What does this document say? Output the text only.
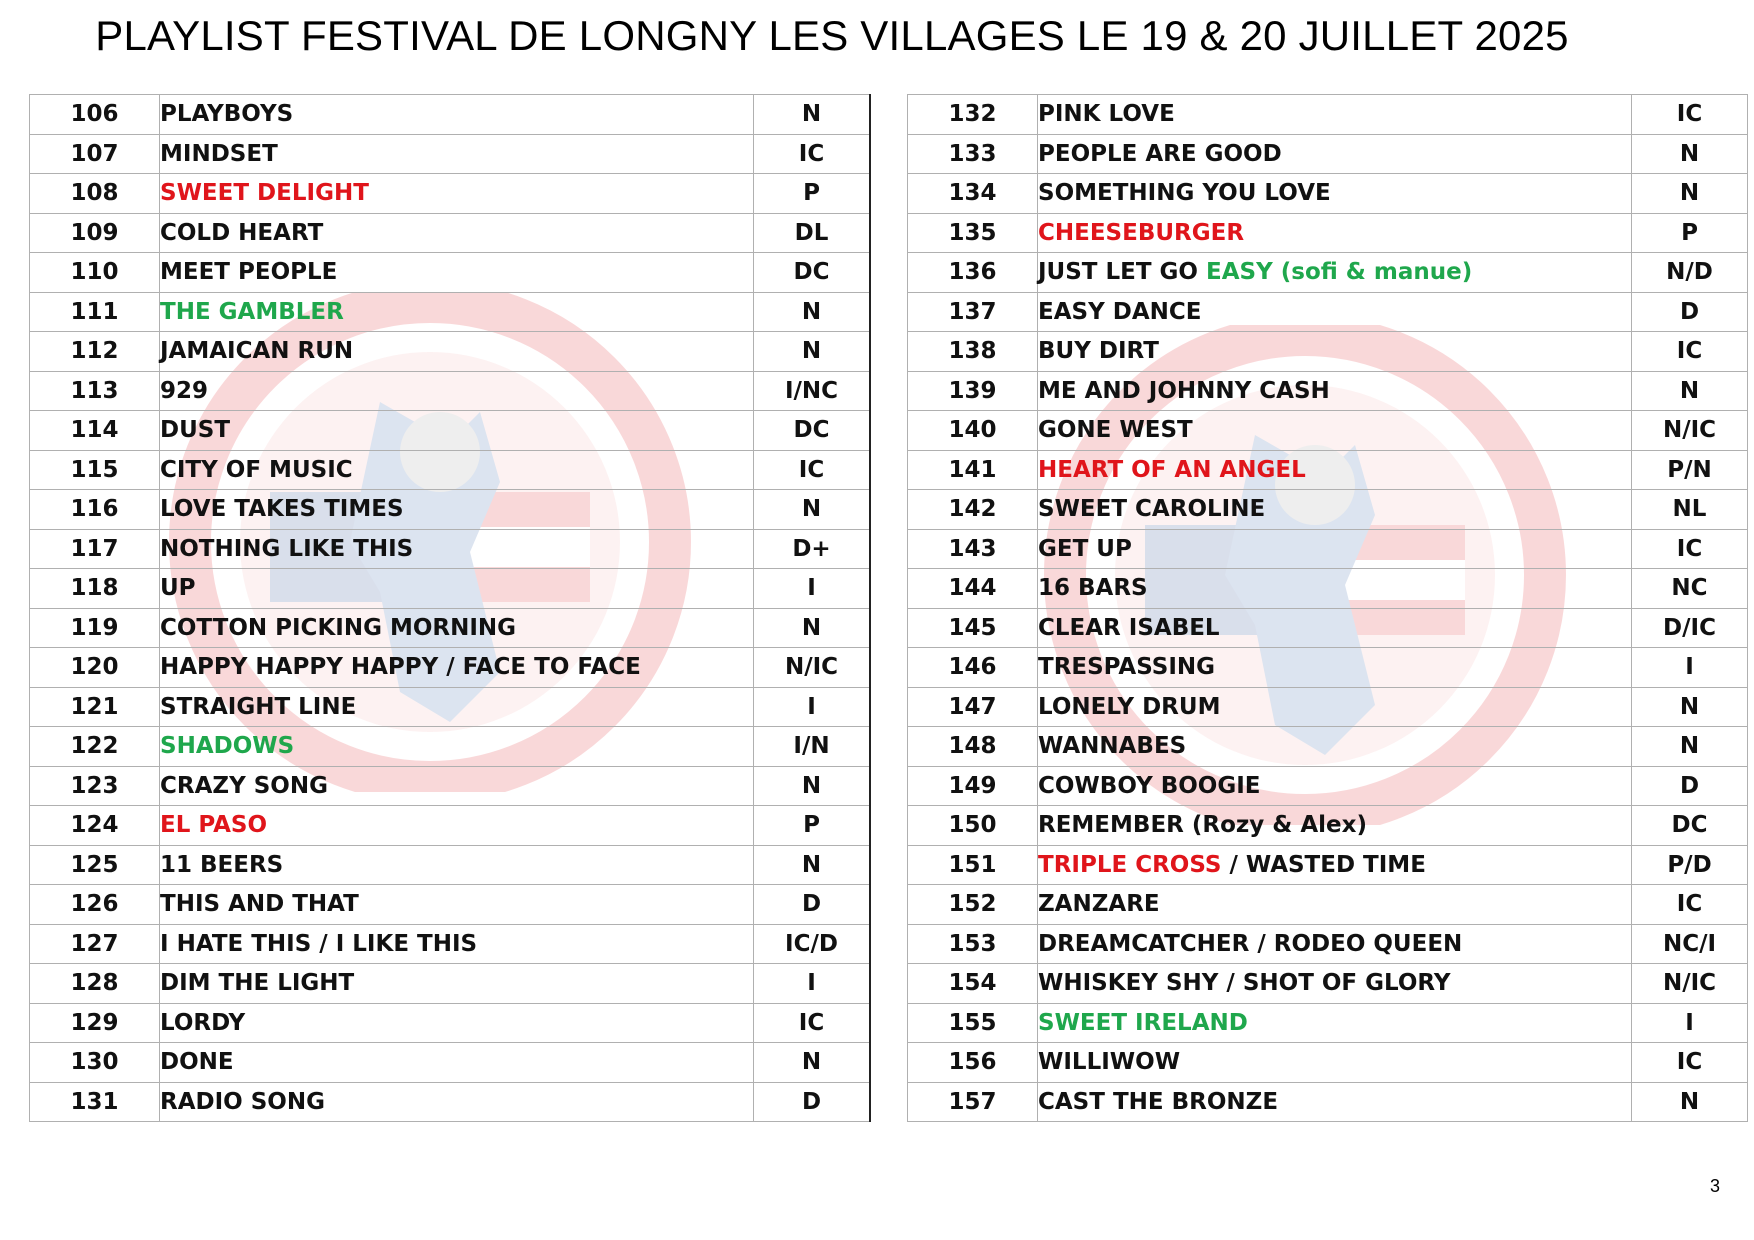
PLAYLIST FESTIVAL DE LONGNY LES VILLAGES LE 19 & 20 JUILLET 2025
106	PLAYBOYS	N
107	MINDSET	IC
108	SWEET DELIGHT	P
109	COLD HEART	DL
110	MEET PEOPLE	DC
111	THE GAMBLER	N
112	JAMAICAN RUN	N
113	929	I/NC
114	DUST	DC
115	CITY OF MUSIC	IC
116	LOVE TAKES TIMES	N
117	NOTHING LIKE THIS	D+
118	UP	I
119	COTTON PICKING MORNING	N
120	HAPPY HAPPY HAPPY / FACE TO FACE	N/IC
121	STRAIGHT LINE	I
122	SHADOWS	I/N
123	CRAZY SONG	N
124	EL PASO	P
125	11 BEERS	N
126	THIS AND THAT	D
127	I HATE THIS / I LIKE THIS	IC/D
128	DIM THE LIGHT	I
129	LORDY	IC
130	DONE	N
131	RADIO SONG	D
132	PINK LOVE	IC
133	PEOPLE ARE GOOD	N
134	SOMETHING YOU LOVE	N
135	CHEESEBURGER	P
136	JUST LET GO EASY (sofi & manue)	N/D
137	EASY DANCE	D
138	BUY DIRT	IC
139	ME AND JOHNNY CASH	N
140	GONE WEST	N/IC
141	HEART OF AN ANGEL	P/N
142	SWEET CAROLINE	NL
143	GET UP	IC
144	16 BARS	NC
145	CLEAR ISABEL	D/IC
146	TRESPASSING	I
147	LONELY DRUM	N
148	WANNABES	N
149	COWBOY BOOGIE	D
150	REMEMBER (Rozy & Alex)	DC
151	TRIPLE CROSS / WASTED TIME	P/D
152	ZANZARE	IC
153	DREAMCATCHER / RODEO QUEEN	NC/I
154	WHISKEY SHY / SHOT OF GLORY	N/IC
155	SWEET IRELAND	I
156	WILLIWOW	IC
157	CAST THE BRONZE	N
3
